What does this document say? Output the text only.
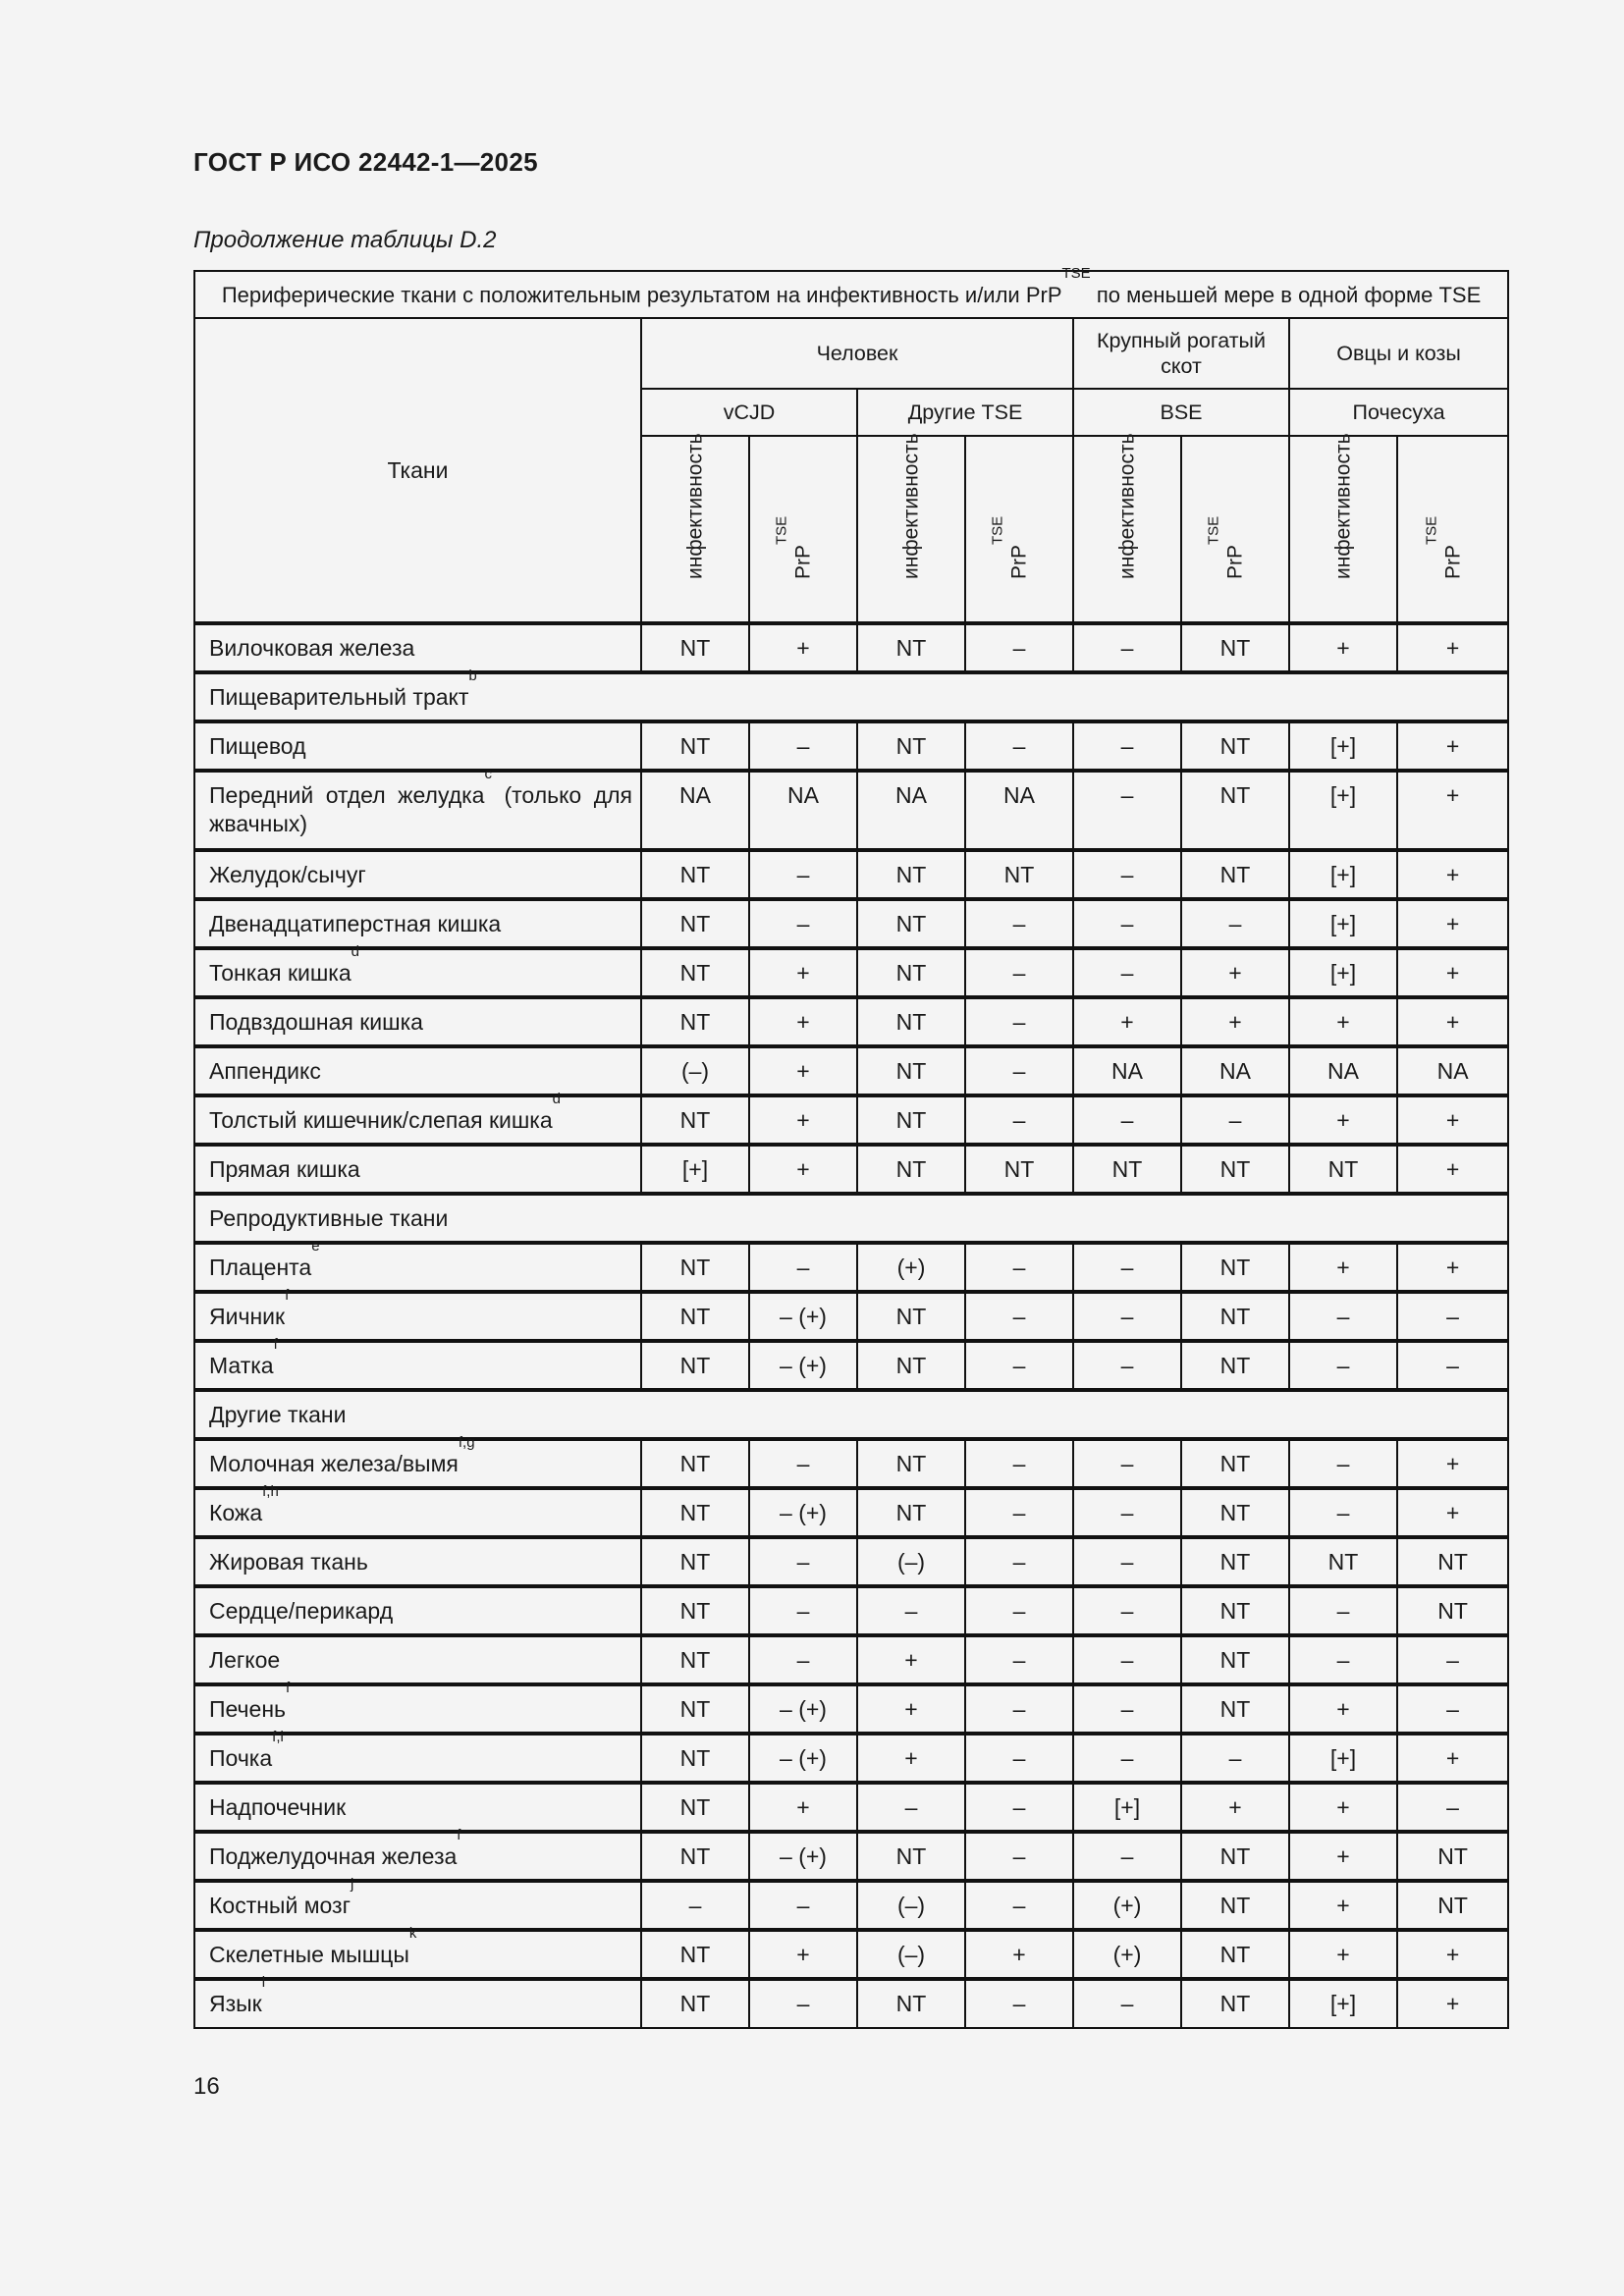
ГОСТ Р ИСО 22442-1—2025
Продолжение таблицы D.2
Периферические ткани с положительным результатом на инфективность и/или PrP$^{TSE}$ по меньшей мере в одной форме TSE								
Ткани	Человек				Крупный рогатый скот		Овцы и козы	
	vCJD		Другие TSE		BSE		Почесуха	

	инфективность	PrP$^{TSE}$	инфективность	PrP$^{TSE}$	инфективность	PrP$^{TSE}$	инфективность	PrP$^{TSE}$

Вилочковая железа	NT	+	NT	–	–	NT	+	+
Пищеварительный тракт$^b$
Пищевод	NT	–	NT	–	–	NT	[+]	+
Передний отдел желудка$^c$ (только для жвачных)	NA	NA	NA	NA	–	NT	[+]	+
Желудок/сычуг	NT	–	NT	NT	–	NT	[+]	+
Двенадцатиперстная кишка	NT	–	NT	–	–	–	[+]	+
Тонкая кишка$^d$	NT	+	NT	–	–	+	[+]	+
Подвздошная кишка	NT	+	NT	–	+	+	+	+
Аппендикс	(–)	+	NT	–	NA	NA	NA	NA
Толстый кишечник/слепая кишка$^d$	NT	+	NT	–	–	–	+	+
Прямая кишка	[+]	+	NT	NT	NT	NT	NT	+
Репродуктивные ткани								
Плацента$^e$	NT	–	(+)	–	–	NT	+	+
Яичник$^f$	NT	– (+)	NT	–	–	NT	–	–
Матка$^f$	NT	– (+)	NT	–	–	NT	–	–
Другие ткани								
Молочная железа/вымя$^{f,g}$	NT	–	NT	–	–	NT	–	+
Кожа$^{f,h}$	NT	– (+)	NT	–	–	NT	–	+
Жировая ткань	NT	–	(–)	–	–	NT	NT	NT
Сердце/перикард	NT	–	–	–	–	NT	–	NT
Легкое	NT	–	+	–	–	NT	–	–
Печень$^f$	NT	– (+)	+	–	–	NT	+	–
Почка$^{f,i}$	NT	– (+)	+	–	–	–	[+]	+
Надпочечник	NT	+	–	–	[+]	+	+	–
Поджелудочная железа$^f$	NT	– (+)	NT	–	–	NT	+	NT
Костный мозг$^j$	–	–	(–)	–	(+)	NT	+	NT
Скелетные мышцы$^k$	NT	+	(–)	+	(+)	NT	+	+
Язык$^l$	NT	–	NT	–	–	NT	[+]	+
16
